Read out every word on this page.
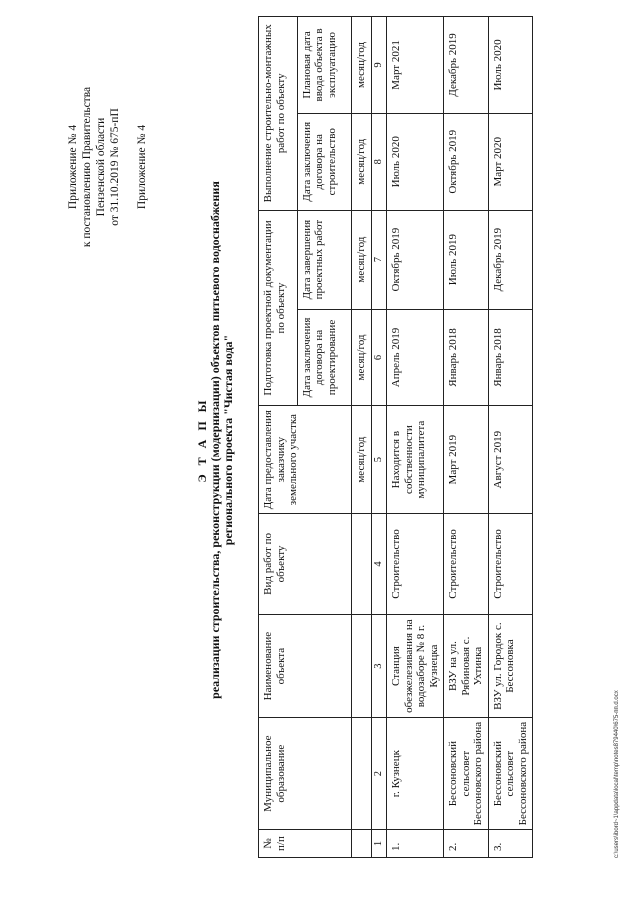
Приложение № 4 к постановлению Правительства Пензенской области от 31.10.2019 № 675-пП Приложение № 4
Э Т А П Ы реализации строительства, реконструкции (модернизации) объектов питьевого водоснабжения регионального проекта "Чистая вода"
№ п/п	Муниципальное образование	Наименование объекта	Вид работ по объекту	Дата предоставления заказчику земельного участка	Подготовка проектной документации по объекту		Выполнение строительно-монтажных работ по объекту	
					Дата заключения договора на проектирование	Дата завершения проектных работ	Дата заключения договора на строительство	Плановая дата ввода объекта в эксплуатацию
				месяц/год	месяц/год	месяц/год	месяц/год	месяц/год
1	2	3	4	5	6	7	8	9
1.	г. Кузнецк	Станция обезжелезивания на водозаборе № 8 г. Кузнецка	Строительство	Находится в собственности муниципалитета	Апрель 2019	Октябрь 2019	Июль 2020	Март 2021
2.	Бессоновский сельсовет Бессоновского района	ВЗУ на ул. Рябиновая с. Ухтинка	Строительство	Март 2019	Январь 2018	Июль 2019	Октябрь 2019	Декабрь 2019
3.	Бессоновский сельсовет Бессоновского района	ВЗУ ул. Городок с. Бессоновка	Строительство	Август 2019	Январь 2018	Декабрь 2019	Март 2020	Июль 2020
c:\users\ibord~1\appdata\local\temp\notes879440\675-пп.d.ocx
